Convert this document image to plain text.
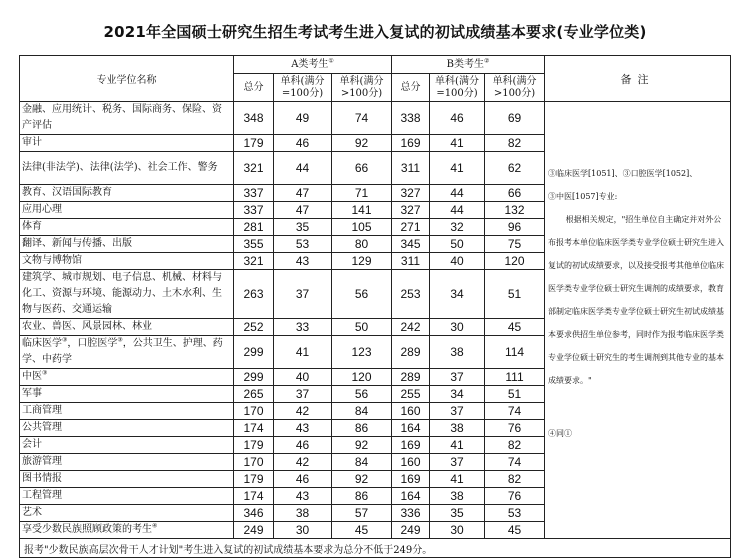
2021年全国硕士研究生招生考试考生进入复试的初试成绩基本要求(专业学位类)
专业学位名称	A类考生①			B类考生②			备注
	总分	单科(满分=100分)	单科(满分>100分)	总分	单科(满分=100分)	单科(满分>100分)	
金融、应用统计、税务、国际商务、保险、资产评估	348	49	74	338	46	69	③临床医学[1051]、③口腔医学[1052]、

③中医[1057]专业:

根据相关规定，"招生单位自主确定并对外公布报考本单位临床医学类专业学位硕士研究生进入复试的初试成绩要求，以及接受报考其他单位临床医学类专业学位硕士研究生调剂的成绩要求，教育部制定临床医学类专业学位硕士研究生初试成绩基本要求供招生单位参考，同时作为报考临床医学类专业学位硕士研究生的考生调剂到其他专业的基本成绩要求。"

④同①

审计	179	46	92	169	41	82	
法律(非法学)、法律(法学)、社会工作、警务	321	44	66	311	41	62	
教育、汉语国际教育	337	47	71	327	44	66	
应用心理	337	47	141	327	44	132	
体育	281	35	105	271	32	96	
翻译、新闻与传播、出版	355	53	80	345	50	75	
文物与博物馆	321	43	129	311	40	120	
建筑学、城市规划、电子信息、机械、材料与化工、资源与环境、能源动力、土木水利、生物与医药、交通运输	263	37	56	253	34	51	
农业、兽医、风景园林、林业	252	33	50	242	30	45	
临床医学③，口腔医学③，公共卫生、护理、药学、中药学	299	41	123	289	38	114	
中医③	299	40	120	289	37	111	
军事	265	37	56	255	34	51	
工商管理	170	42	84	160	37	74	
公共管理	174	43	86	164	38	76	
会计	179	46	92	169	41	82	
旅游管理	170	42	84	160	37	74	
图书情报	179	46	92	169	41	82	
工程管理	174	43	86	164	38	76	
艺术	346	38	57	336	35	53	
享受少数民族照顾政策的考生④	249	30	45	249	30	45	
报考"少数民族高层次骨干人才计划"考生进入复试的初试成绩基本要求为总分不低于249分。							
